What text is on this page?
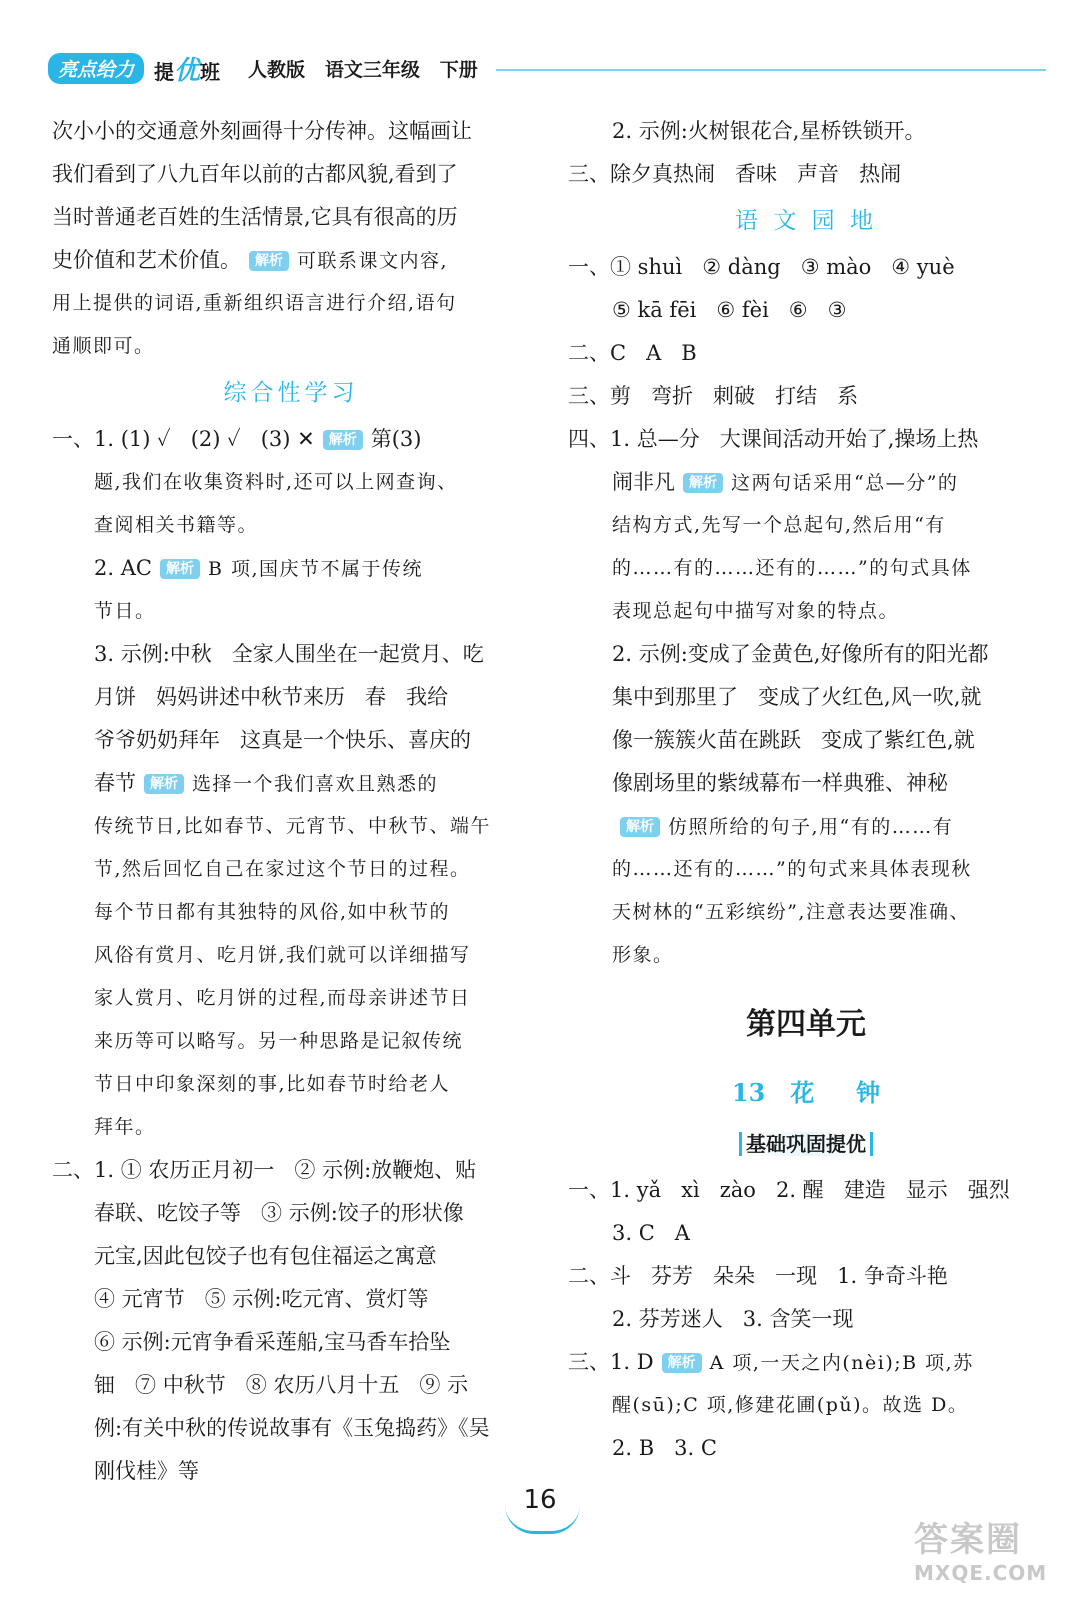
亮点给力	提优班 人教版   语文三年级   下册
次小小的交通意外刻画得十分传神。这幅画让
我们看到了八九百年以前的古都风貌,看到了
当时普通老百姓的生活情景,它具有很高的历
史价值和艺术价值。 解析 可联系课文内容,
用上提供的词语,重新组织语言进行介绍,语句
通顺即可。
综合性学习
一、1. (1) ✓   (2) ✓   (3) ✕ 解析 第(3)
题,我们在收集资料时,还可以上网查询、
查阅相关书籍等。
2. AC 解析 B 项,国庆节不属于传统
节日。
3. 示例:中秋   全家人围坐在一起赏月、吃
月饼   妈妈讲述中秋节来历   春   我给
爷爷奶奶拜年   这真是一个快乐、喜庆的
春节 解析 选择一个我们喜欢且熟悉的
传统节日,比如春节、元宵节、中秋节、端午
节,然后回忆自己在家过这个节日的过程。
每个节日都有其独特的风俗,如中秋节的
风俗有赏月、吃月饼,我们就可以详细描写
家人赏月、吃月饼的过程,而母亲讲述节日
来历等可以略写。另一种思路是记叙传统
节日中印象深刻的事,比如春节时给老人
拜年。
二、1. ① 农历正月初一   ② 示例:放鞭炮、贴
春联、吃饺子等   ③ 示例:饺子的形状像
元宝,因此包饺子也有包住福运之寓意
④ 元宵节   ⑤ 示例:吃元宵、赏灯等
⑥ 示例:元宵争看采莲船,宝马香车拾坠
钿   ⑦ 中秋节   ⑧ 农历八月十五   ⑨ 示
例:有关中秋的传说故事有《玉兔捣药》《吴
刚伐桂》等
2. 示例:火树银花合,星桥铁锁开。
三、除夕真热闹   香味   声音   热闹
语 文 园 地
一、① shuì   ② dàng   ③ mào   ④ yuè
⑤ kā fēi   ⑥ fèi   ⑥   ③
二、C   A   B
三、剪   弯折   刺破   打结   系
四、1. 总—分   大课间活动开始了,操场上热
闹非凡 解析 这两句话采用“总—分”的
结构方式,先写一个总起句,然后用“有
的……有的……还有的……”的句式具体
表现总起句中描写对象的特点。
2. 示例:变成了金黄色,好像所有的阳光都
集中到那里了   变成了火红色,风一吹,就
像一簇簇火苗在跳跃   变成了紫红色,就
像剧场里的紫绒幕布一样典雅、神秘
解析 仿照所给的句子,用“有的……有
的……还有的……”的句式来具体表现秋
天树林的“五彩缤纷”,注意表达要准确、
形象。
第四单元
13   花     钟
基础巩固提优
一、1. yǎ   xì   zào   2. 醒   建造   显示   强烈
3. C   A
二、斗   芬芳   朵朵   一现   1. 争奇斗艳
2. 芬芳迷人   3. 含笑一现
三、1. D 解析 A 项,一天之内(nèi);B 项,苏
醒(sū);C 项,修建花圃(pǔ)。故选 D。
2. B   3. C
16
答案圈
MXQE.COM
